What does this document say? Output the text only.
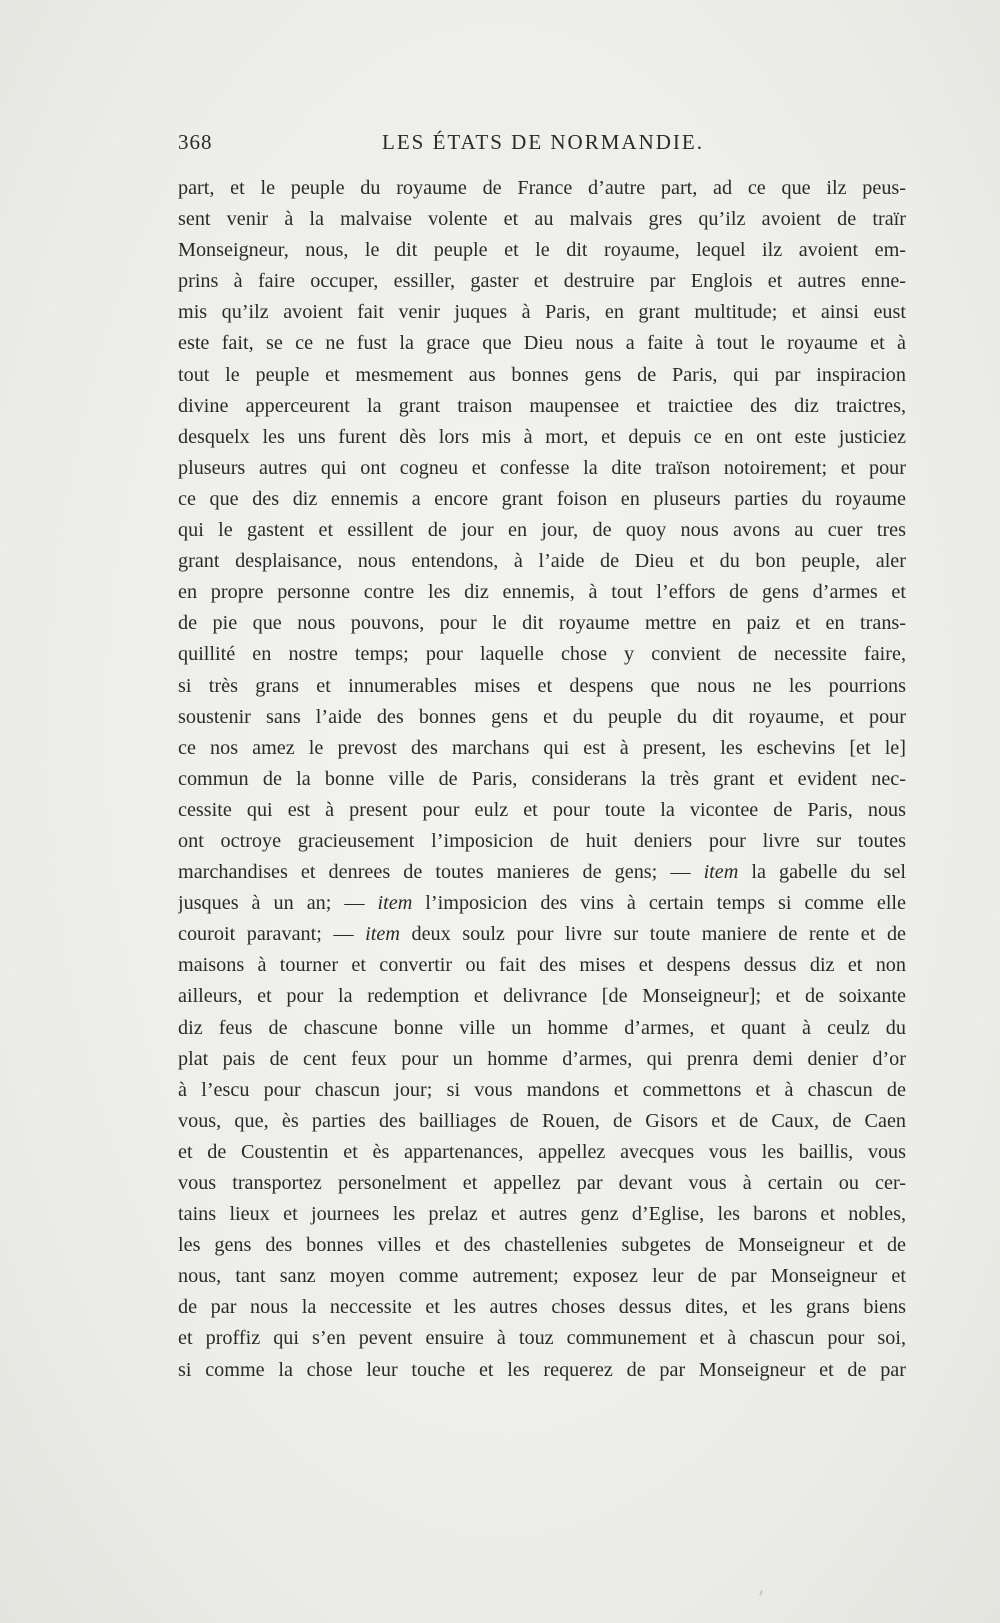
368	LES ÉTATS DE NORMANDIE.
part, et le peuple du royaume de France d’autre part, ad ce que ilz peus-
sent venir à la malvaise volente et au malvais gres qu’ilz avoient de traïr
Monseigneur, nous, le dit peuple et le dit royaume, lequel ilz avoient em-
prins à faire occuper, essiller, gaster et destruire par Englois et autres enne-
mis qu’ilz avoient fait venir juques à Paris, en grant multitude; et ainsi eust
este fait, se ce ne fust la grace que Dieu nous a faite à tout le royaume et à
tout le peuple et mesmement aus bonnes gens de Paris, qui par inspiracion
divine apperceurent la grant traison maupensee et traictiee des diz traictres,
desquelx les uns furent dès lors mis à mort, et depuis ce en ont este justiciez
pluseurs autres qui ont cogneu et confesse la dite traïson notoirement; et pour
ce que des diz ennemis a encore grant foison en pluseurs parties du royaume
qui le gastent et essillent de jour en jour, de quoy nous avons au cuer tres
grant desplaisance, nous entendons, à l’aide de Dieu et du bon peuple, aler
en propre personne contre les diz ennemis, à tout l’effors de gens d’armes et
de pie que nous pouvons, pour le dit royaume mettre en paiz et en trans-
quillité en nostre temps; pour laquelle chose y convient de necessite faire,
si très grans et innumerables mises et despens que nous ne les pourrions
soustenir sans l’aide des bonnes gens et du peuple du dit royaume, et pour
ce nos amez le prevost des marchans qui est à present, les eschevins [et le]
commun de la bonne ville de Paris, considerans la très grant et evident nec-
cessite qui est à present pour eulz et pour toute la vicontee de Paris, nous
ont octroye gracieusement l’imposicion de huit deniers pour livre sur toutes
marchandises et denrees de toutes manieres de gens; — item la gabelle du sel
jusques à un an; — item l’imposicion des vins à certain temps si comme elle
couroit paravant; — item deux soulz pour livre sur toute maniere de rente et de
maisons à tourner et convertir ou fait des mises et despens dessus diz et non
ailleurs, et pour la redemption et delivrance [de Monseigneur]; et de soixante
diz feus de chascune bonne ville un homme d’armes, et quant à ceulz du
plat pais de cent feux pour un homme d’armes, qui prenra demi denier d’or
à l’escu pour chascun jour; si vous mandons et commettons et à chascun de
vous, que, ès parties des bailliages de Rouen, de Gisors et de Caux, de Caen
et de Coustentin et ès appartenances, appellez avecques vous les baillis, vous
vous transportez personelment et appellez par devant vous à certain ou cer-
tains lieux et journees les prelaz et autres genz d’Eglise, les barons et nobles,
les gens des bonnes villes et des chastellenies subgetes de Monseigneur et de
nous, tant sanz moyen comme autrement; exposez leur de par Monseigneur et
de par nous la neccessite et les autres choses dessus dites, et les grans biens
et proffiz qui s’en pevent ensuire à touz communement et à chascun pour soi,
si comme la chose leur touche et les requerez de par Monseigneur et de par
